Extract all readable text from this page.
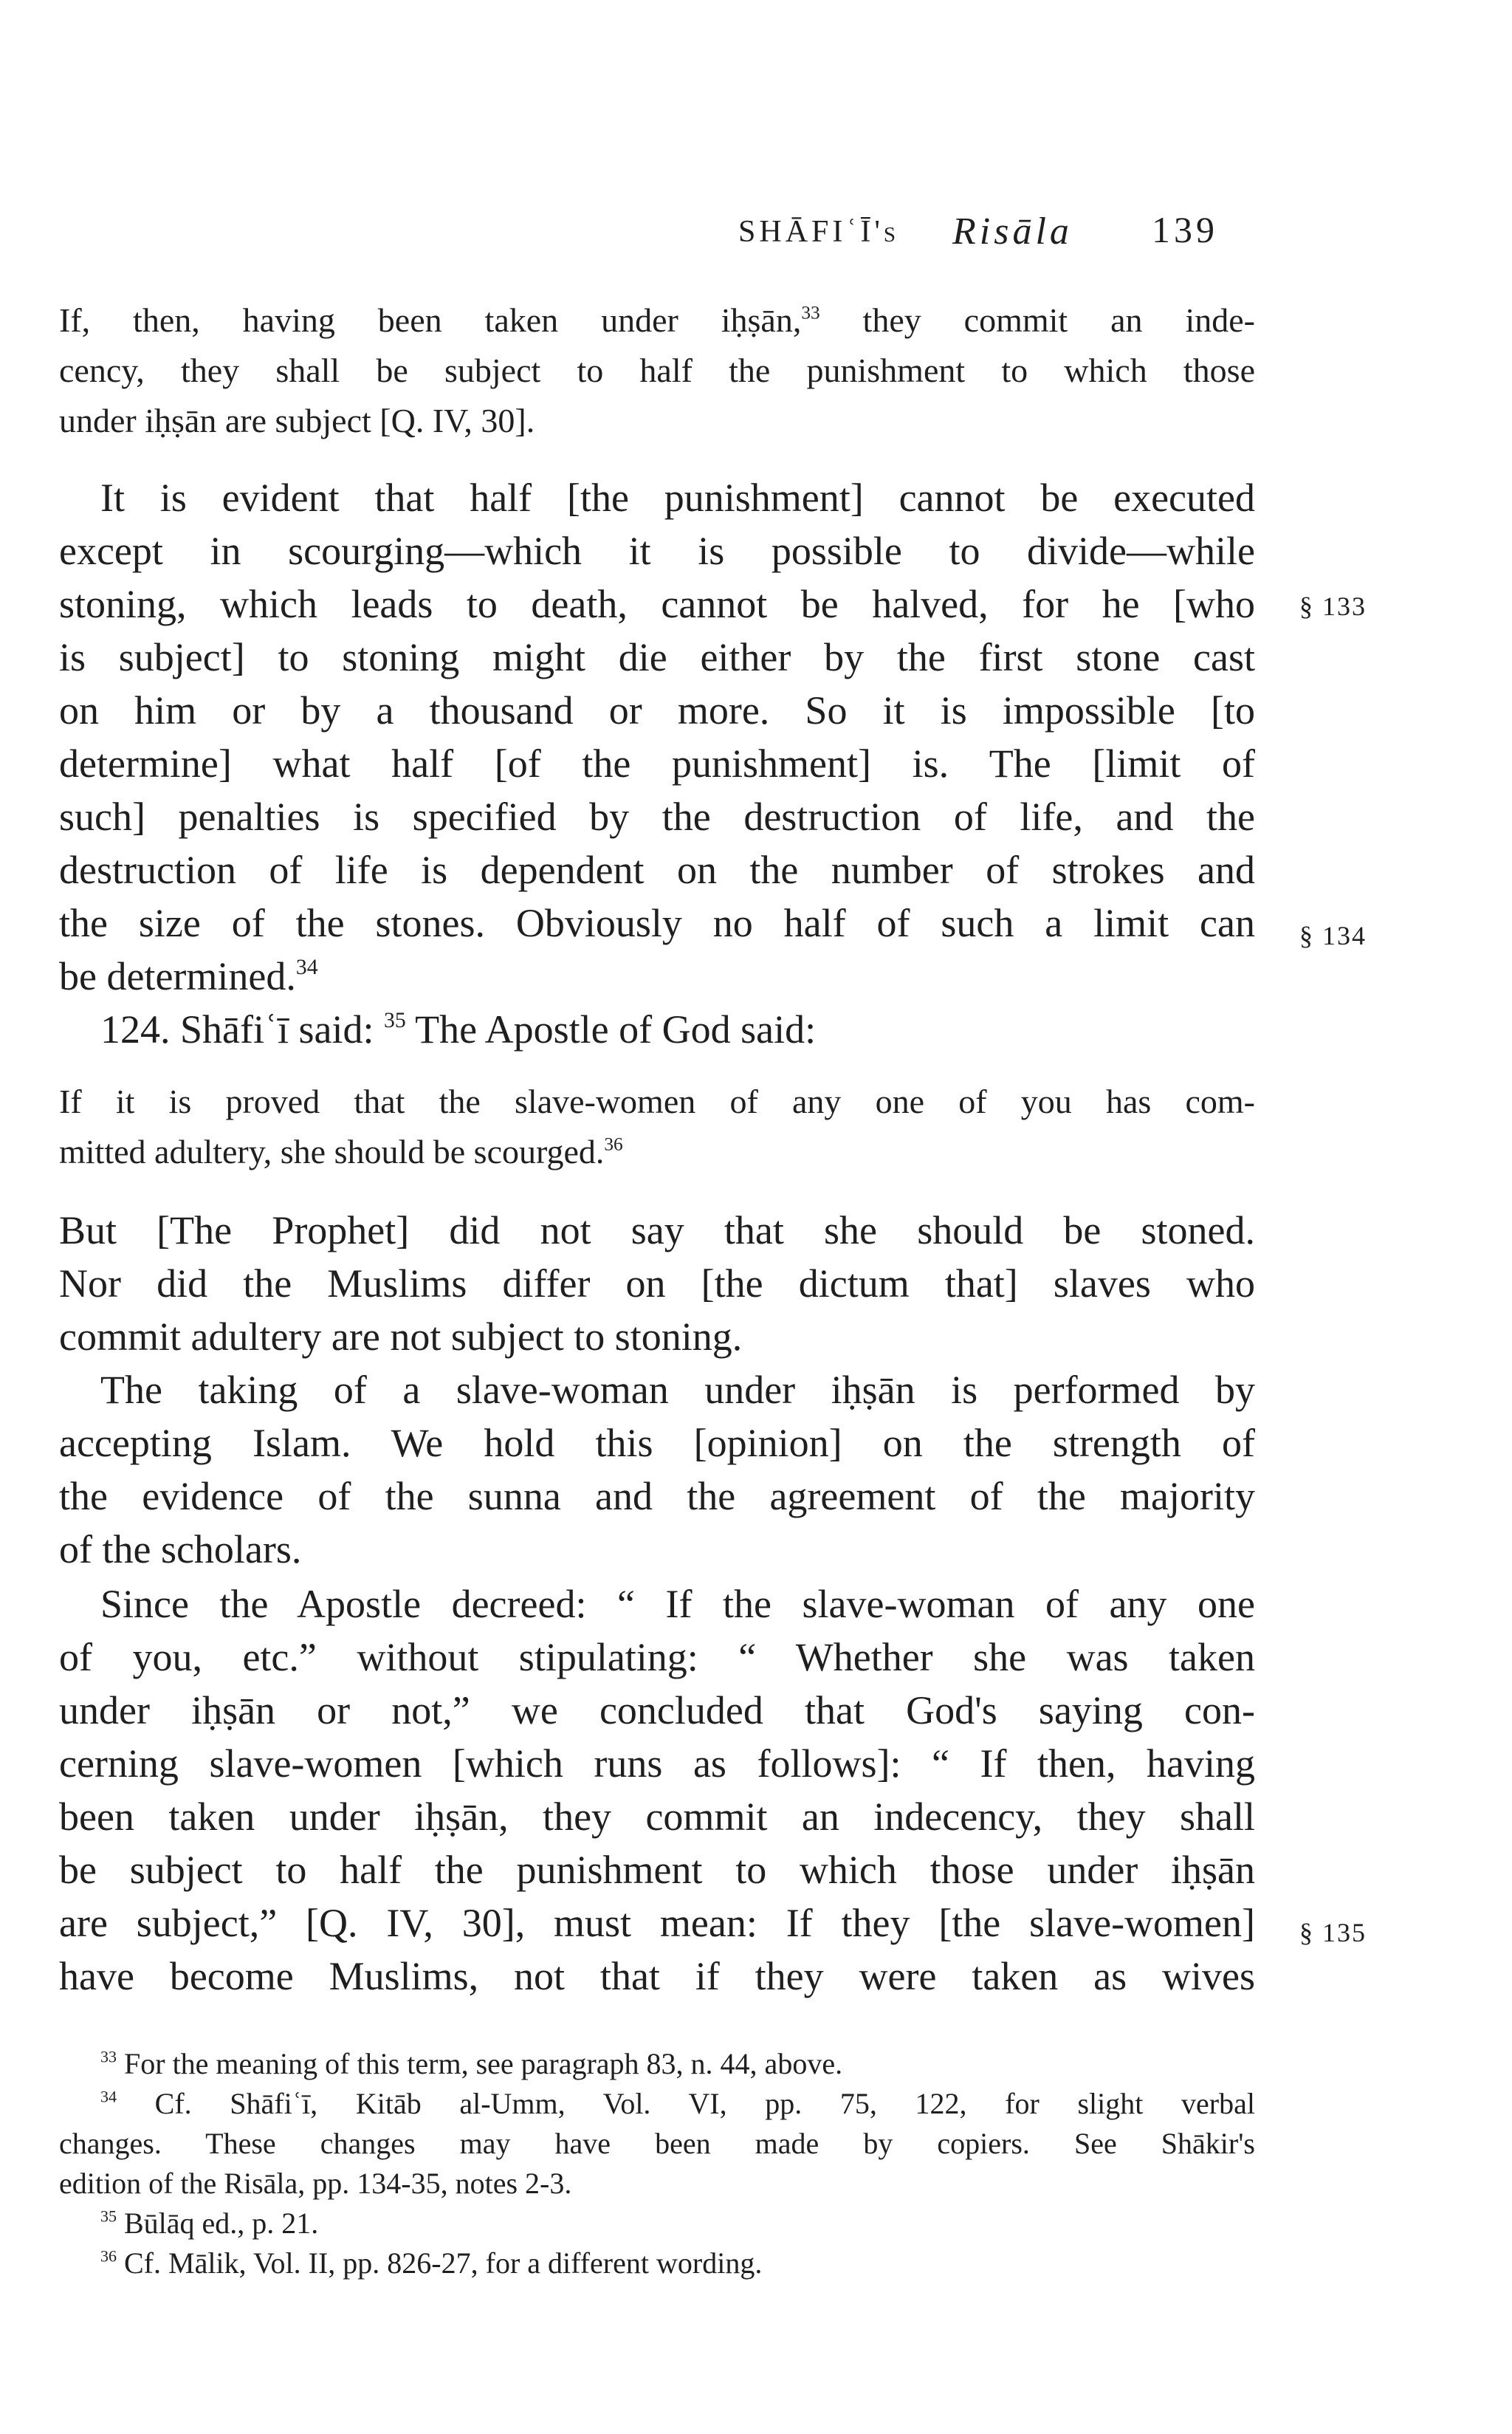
SHĀFIʿĪ's Risāla 139
If, then, having been taken under iḥṣān,$^{33}$ they commit an inde-
cency, they shall be subject to half the punishment to which those
under iḥṣān are subject [Q. IV, 30].
It is evident that half [the punishment] cannot be executed
except in scourging—which it is possible to divide—while
stoning, which leads to death, cannot be halved, for he [who
is subject] to stoning might die either by the first stone cast
on him or by a thousand or more. So it is impossible [to
determine] what half [of the punishment] is. The [limit of
such] penalties is specified by the destruction of life, and the
destruction of life is dependent on the number of strokes and
the size of the stones. Obviously no half of such a limit can
be determined.$^{34}$
124. Shāfiʿī said: $^{35}$ The Apostle of God said:
If it is proved that the slave-women of any one of you has com-
mitted adultery, she should be scourged.$^{36}$
But [The Prophet] did not say that she should be stoned.
Nor did the Muslims differ on [the dictum that] slaves who
commit adultery are not subject to stoning.
The taking of a slave-woman under iḥṣān is performed by
accepting Islam. We hold this [opinion] on the strength of
the evidence of the sunna and the agreement of the majority
of the scholars.
Since the Apostle decreed: “ If the slave-woman of any one
of you, etc.” without stipulating: “ Whether she was taken
under iḥṣān or not,” we concluded that God's saying con-
cerning slave-women [which runs as follows]: “ If then, having
been taken under iḥṣān, they commit an indecency, they shall
be subject to half the punishment to which those under iḥṣān
are subject,” [Q. IV, 30], must mean: If they [the slave-women]
have become Muslims, not that if they were taken as wives
$^{33}$ For the meaning of this term, see paragraph 83, n. 44, above.
$^{34}$ Cf. Shāfiʿī, Kitāb al-Umm, Vol. VI, pp. 75, 122, for slight verbal
changes. These changes may have been made by copiers. See Shākir's
edition of the Risāla, pp. 134-35, notes 2-3.
$^{35}$ Būlāq ed., p. 21.
$^{36}$ Cf. Mālik, Vol. II, pp. 826-27, for a different wording.
§ 133
§ 134
§ 135
